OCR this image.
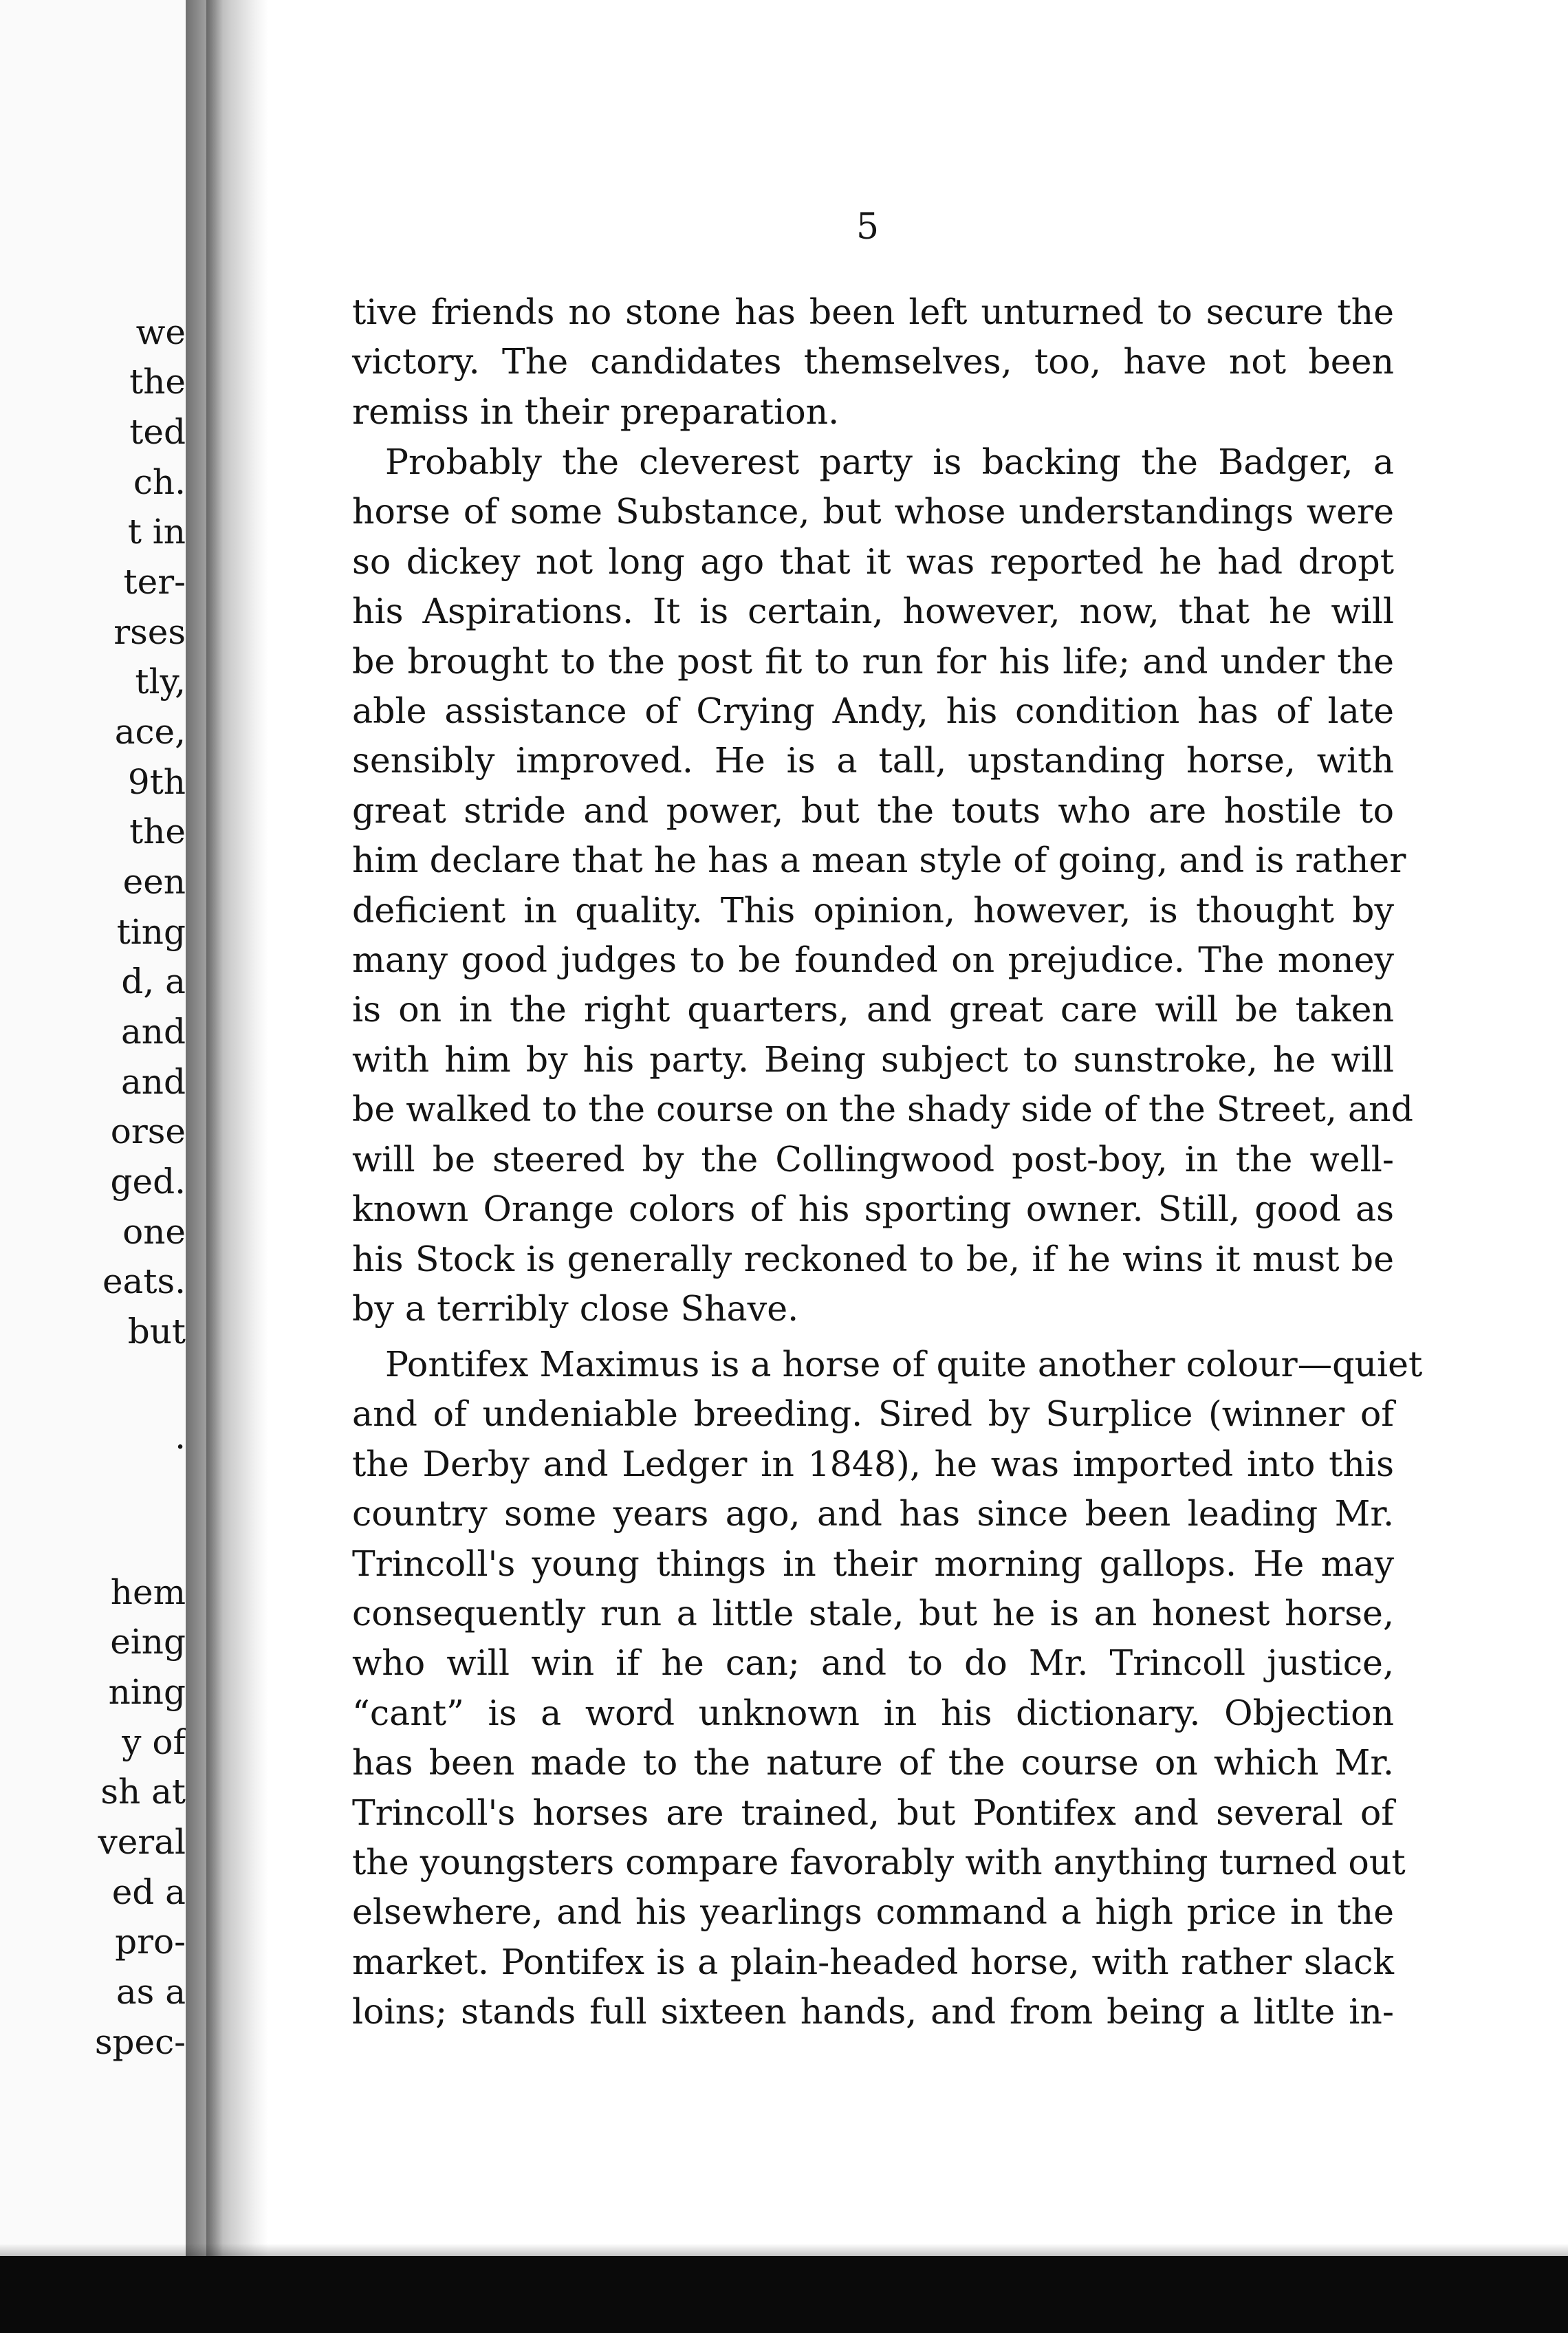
we
the
ted
ch.
t in
ter-
rses
tly,
ace,
9th
the
een
ting
d, a
and
and
orse
ged.
one
eats.
but
.
hem
eing
ning
y of
sh at
veral
ed a
pro-
as a
spec-
5
tive friends no stone has been left unturned to secure the
victory. The candidates themselves, too, have not been
remiss in their preparation.
Probably the cleverest party is backing the Badger, a
horse of some Substance, but whose understandings were
so dickey not long ago that it was reported he had dropt
his Aspirations. It is certain, however, now, that he will
be brought to the post fit to run for his life; and under the
able assistance of Crying Andy, his condition has of late
sensibly improved. He is a tall, upstanding horse, with
great stride and power, but the touts who are hostile to
him declare that he has a mean style of going, and is rather
deficient in quality. This opinion, however, is thought by
many good judges to be founded on prejudice. The money
is on in the right quarters, and great care will be taken
with him by his party. Being subject to sunstroke, he will
be walked to the course on the shady side of the Street, and
will be steered by the Collingwood post-boy, in the well-
known Orange colors of his sporting owner. Still, good as
his Stock is generally reckoned to be, if he wins it must be
by a terribly close Shave.
Pontifex Maximus is a horse of quite another colour—quiet
and of undeniable breeding. Sired by Surplice (winner of
the Derby and Ledger in 1848), he was imported into this
country some years ago, and has since been leading Mr.
Trincoll's young things in their morning gallops. He may
consequently run a little stale, but he is an honest horse,
who will win if he can; and to do Mr. Trincoll justice,
“cant” is a word unknown in his dictionary. Objection
has been made to the nature of the course on which Mr.
Trincoll's horses are trained, but Pontifex and several of
the youngsters compare favorably with anything turned out
elsewhere, and his yearlings command a high price in the
market. Pontifex is a plain-headed horse, with rather slack
loins; stands full sixteen hands, and from being a litlte in-
